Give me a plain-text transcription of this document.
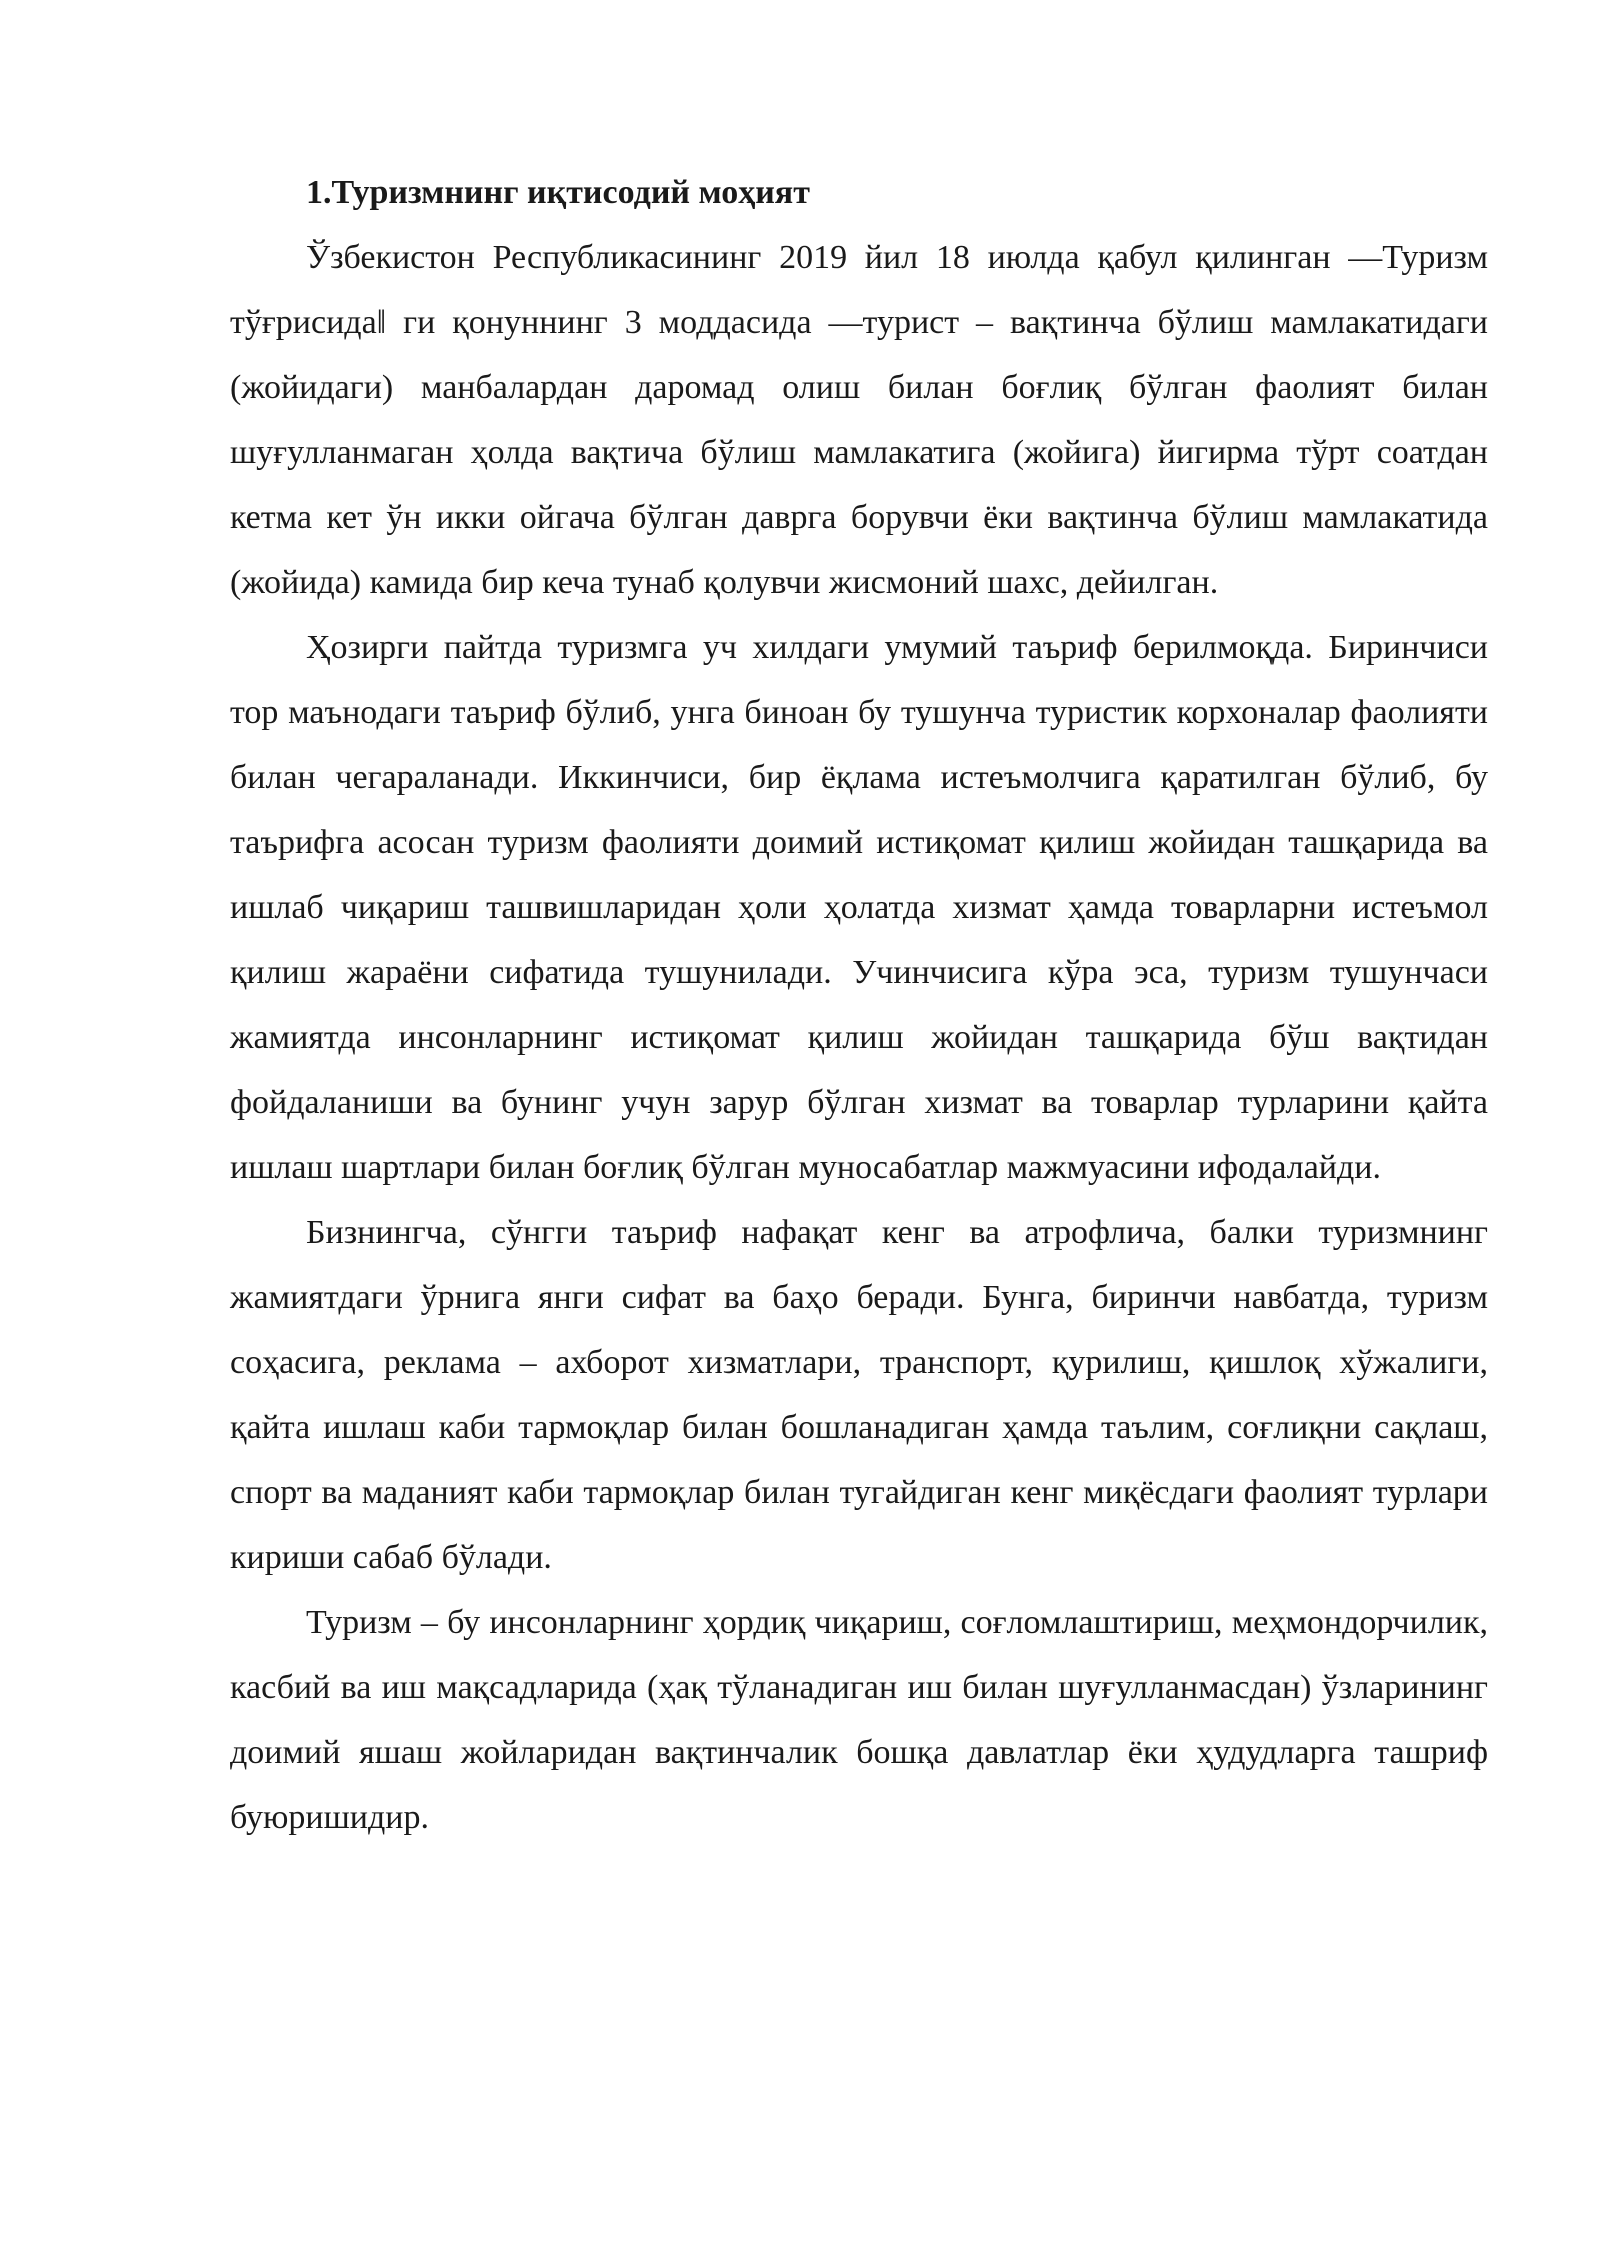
1.Туризмнинг иқтисодий моҳият

Ўзбекистон Республикасининг 2019 йил 18 июлда қабул қилинган ―Туризм тўғрисида‖ ги қонуннинг 3 моддасида ―турист – вақтинча бўлиш мамлакатидаги (жойидаги) манбалардан даромад олиш билан боғлиқ бўлган фаолият билан шуғулланмаган ҳолда вақтича бўлиш мамлакатига (жойига) йигирма тўрт соатдан кетма кет ўн икки ойгача бўлган даврга борувчи ёки вақтинча бўлиш мамлакатида (жойида) камида бир кеча тунаб қолувчи жисмоний шахс, дейилган.

Ҳозирги пайтда туризмга уч хилдаги умумий таъриф берилмоқда. Биринчиси тор маънодаги таъриф бўлиб, унга биноан бу тушунча туристик корхоналар фаолияти билан чегараланади. Иккинчиси, бир ёқлама истеъмолчига қаратилган бўлиб, бу таърифга асосан туризм фаолияти доимий истиқомат қилиш жойидан ташқарида ва ишлаб чиқариш ташвишларидан ҳоли ҳолатда хизмат ҳамда товарларни истеъмол қилиш жараёни сифатида тушунилади. Учинчисига кўра эса, туризм тушунчаси жамиятда инсонларнинг истиқомат қилиш жойидан ташқарида бўш вақтидан фойдаланиши ва бунинг учун зарур бўлган хизмат ва товарлар турларини қайта ишлаш шартлари билан боғлиқ бўлган муносабатлар мажмуасини ифодалайди.

Бизнингча, сўнгги таъриф нафақат кенг ва атрофлича, балки туризмнинг жамиятдаги ўрнига янги сифат ва баҳо беради. Бунга, биринчи навбатда, туризм соҳасига, реклама – ахборот хизматлари, транспорт, қурилиш, қишлоқ хўжалиги, қайта ишлаш каби тармоқлар билан бошланадиган ҳамда таълим, соғлиқни сақлаш, спорт ва маданият каби тармоқлар билан тугайдиган кенг миқёсдаги фаолият турлари кириши сабаб бўлади.

Туризм – бу инсонларнинг ҳордиқ чиқариш, соғломлаштириш, меҳмондорчилик, касбий ва иш мақсадларида (ҳақ тўланадиган иш билан шуғулланмасдан) ўзларининг доимий яшаш жойларидан вақтинчалик бошқа давлатлар ёки ҳудудларга ташриф буюришидир.
